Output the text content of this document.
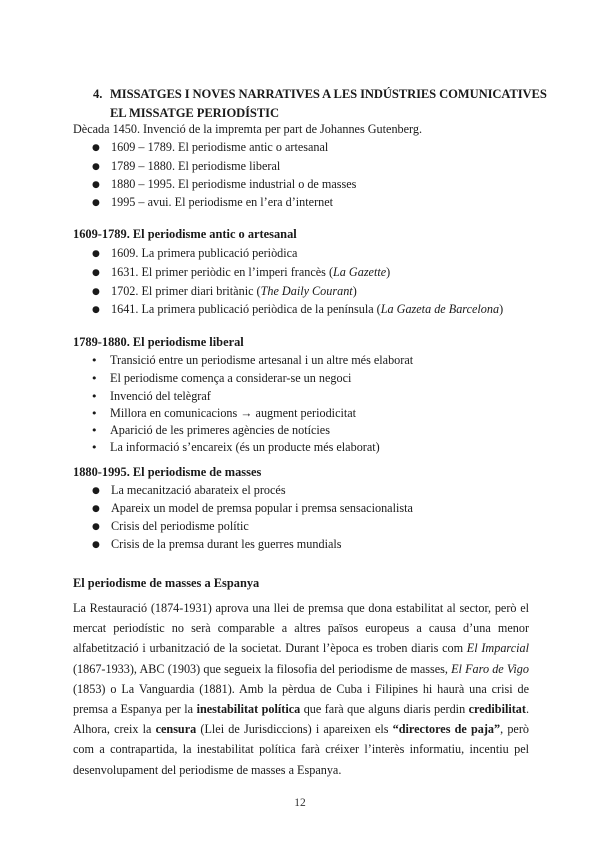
4. MISSATGES I NOVES NARRATIVES A LES INDÚSTRIES COMUNICATIVES
EL MISSATGE PERIODÍSTIC
Dècada 1450. Invenció de la impremta per part de Johannes Gutenberg.
●
1609 – 1789. El periodisme antic o artesanal
●
1789 – 1880. El periodisme liberal
●
1880 – 1995. El periodisme industrial o de masses
●
1995 – avui. El periodisme en l’era d’internet
1609-1789. El periodisme antic o artesanal
●
1609. La primera publicació periòdica
●
1631. El primer periòdic en l’imperi francès (La Gazette)
●
1702. El primer diari britànic (The Daily Courant)
●
1641. La primera publicació periòdica de la península (La Gazeta de Barcelona)
1789-1880. El periodisme liberal
•
Transició entre un periodisme artesanal i un altre més elaborat
•
El periodisme comença a considerar-se un negoci
•
Invenció del telègraf
•
Millora en comunicacions → augment periodicitat
•
Aparició de les primeres agències de notícies
•
La informació s’encareix (és un producte més elaborat)
1880-1995. El periodisme de masses
●
La mecanització abarateix el procés
●
Apareix un model de premsa popular i premsa sensacionalista
●
Crisis del periodisme polític
●
Crisis de la premsa durant les guerres mundials
El periodisme de masses a Espanya
La Restauració (1874-1931) aprova una llei de premsa que dona estabilitat al sector, però el mercat periodístic no serà comparable a altres països europeus a causa d’una menor alfabetització i urbanització de la societat. Durant l’època es troben diaris com El Imparcial (1867-1933), ABC (1903) que segueix la filosofia del periodisme de masses, El Faro de Vigo (1853) o La Vanguardia (1881). Amb la pèrdua de Cuba i Filipines hi haurà una crisi de premsa a Espanya per la inestabilitat política que farà que alguns diaris perdin credibilitat. Alhora, creix la censura (Llei de Jurisdiccions) i apareixen els “directores de paja”, però com a contrapartida, la inestabilitat política farà créixer l’interès informatiu, incentiu pel desenvolupament del periodisme de masses a Espanya.
12
